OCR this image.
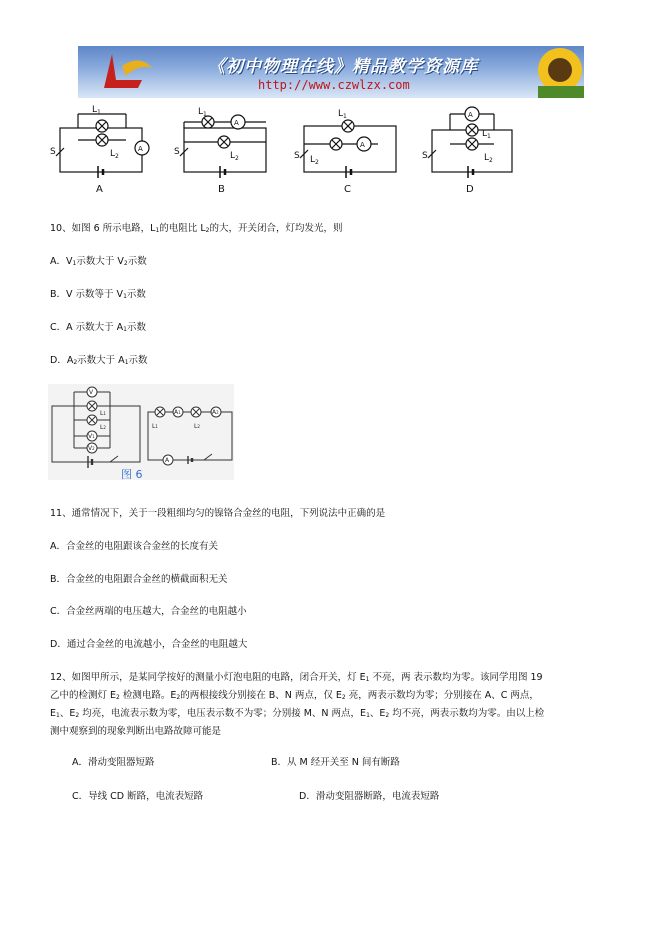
《初中物理在线》精品教学资源库
http://www.czwlzx.com
$L_1$
$L_2$
S	A
A
$L_1$
$L_2$
S
A
B
$L_1$
$L_2$
S
A
C
$L_1$
$L_2$
S
A
D
10、如图 6 所示电路，L1的电阻比 L2的大，开关闭合，灯均发光，则
A．V1示数大于 V2示数
B．V 示数等于 V1示数
C．A 示数大于 A1示数
D．A2示数大于 A1示数
V
V1
V2
L1
L2
A1	A2
A
L1	L2
图 6
11、通常情况下，关于一段粗细均匀的镍铬合金丝的电阻，下列说法中正确的是
A．合金丝的电阻跟该合金丝的长度有关
B．合金丝的电阻跟合金丝的横截面积无关
C．合金丝两端的电压越大，合金丝的电阻越小
D．通过合金丝的电流越小，合金丝的电阻越大
12、如图甲所示，是某同学按好的测量小灯泡电阻的电路，闭合开关，灯 E1 不亮，两 表示数均为零。该同学用图 19
乙中的检测灯 E2 检测电路。E2的两根接线分别接在 B、N 两点，仅 E2 亮，两表示数均为零；分别接在 A、C 两点，
E1、E2 均亮，电流表示数为零，电压表示数不为零；分别接 M、N 两点，E1、E2 均不亮，两表示数均为零。由以上检
测中观察到的现象判断出电路故障可能是
A．滑动变阻器短路	B．从 M 经开关至 N 间有断路
C．导线 CD 断路，电流表短路	D．滑动变阻器断路，电流表短路
